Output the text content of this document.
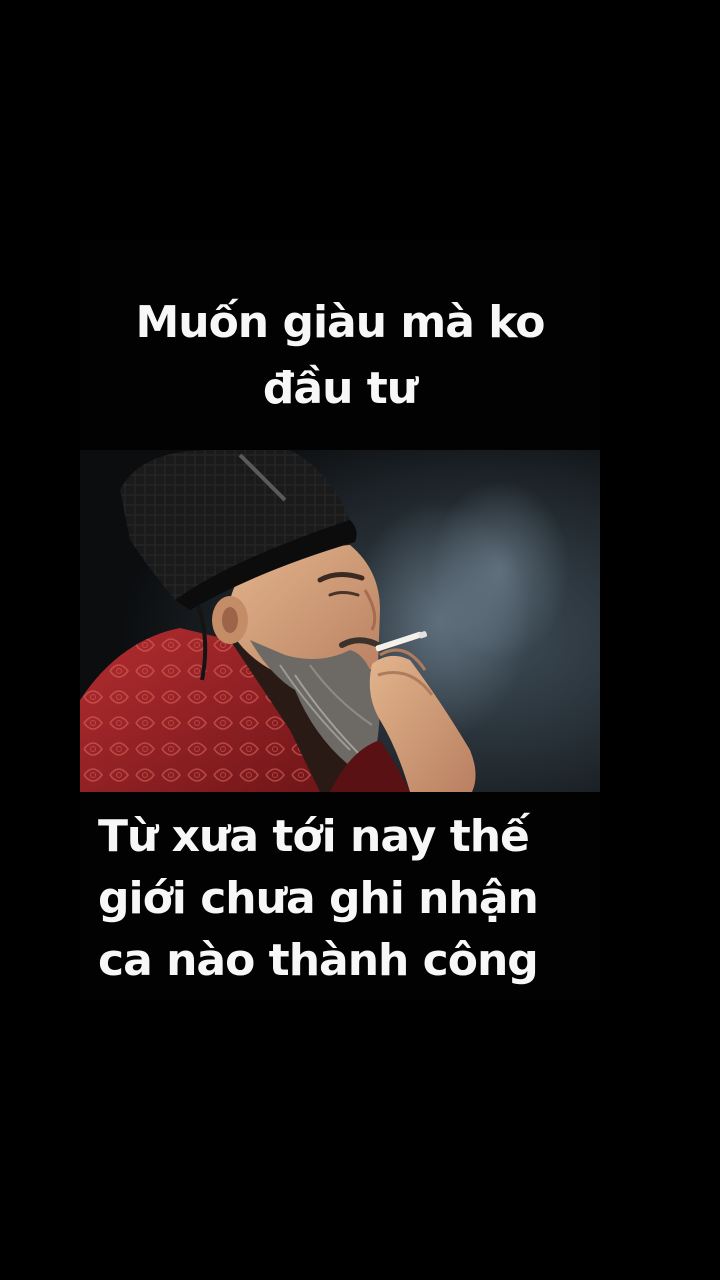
Muốn giàu mà ko
đầu tư

Từ xưa tới nay thế
giới chưa ghi nhận
ca nào thành công
